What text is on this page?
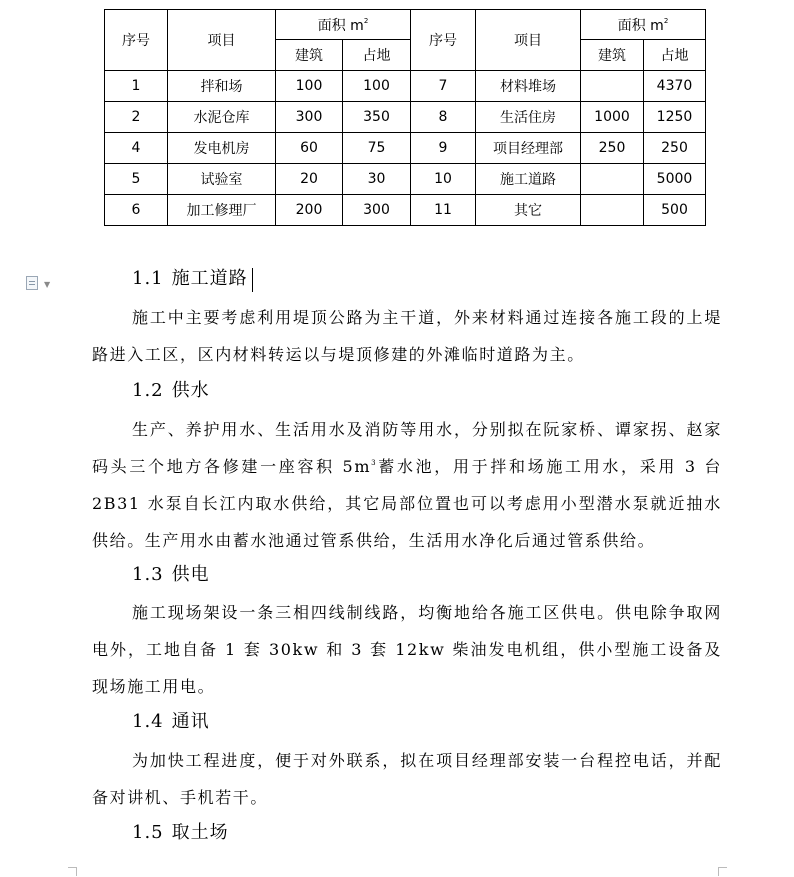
序号	项目	面积 $m^2$		序号	项目	面积 $m^2$
		建筑	占地			建筑	占地
1	拌和场	100	100	7	材料堆场		4370
2	水泥仓库	300	350	8	生活住房	1000	1250
4	发电机房	60	75	9	项目经理部	250	250
5	试验室	20	30	10	施工道路		5000
6	加工修理厂	200	300	11	其它		500
▼	1.1 施工道路

施工中主要考虑利用堤顶公路为主干道，外来材料通过连接各施工段的上堤路进入工区，区内材料转运以与堤顶修建的外滩临时道路为主。

1.2 供水

生产、养护用水、生活用水及消防等用水，分别拟在阮家桥、谭家拐、赵家码头三个地方各修建一座容积 $5m^3$蓄水池，用于拌和场施工用水，采用 3 台 2B31 水泵自长江内取水供给，其它局部位置也可以考虑用小型潜水泵就近抽水供给。生产用水由蓄水池通过管系供给，生活用水净化后通过管系供给。

1.3 供电

施工现场架设一条三相四线制线路，均衡地给各施工区供电。供电除争取网电外，工地自备 1 套 30kw 和 3 套 12kw 柴油发电机组，供小型施工设备及现场施工用电。

1.4 通讯

为加快工程进度，便于对外联系，拟在项目经理部安装一台程控电话，并配备对讲机、手机若干。

1.5 取土场
